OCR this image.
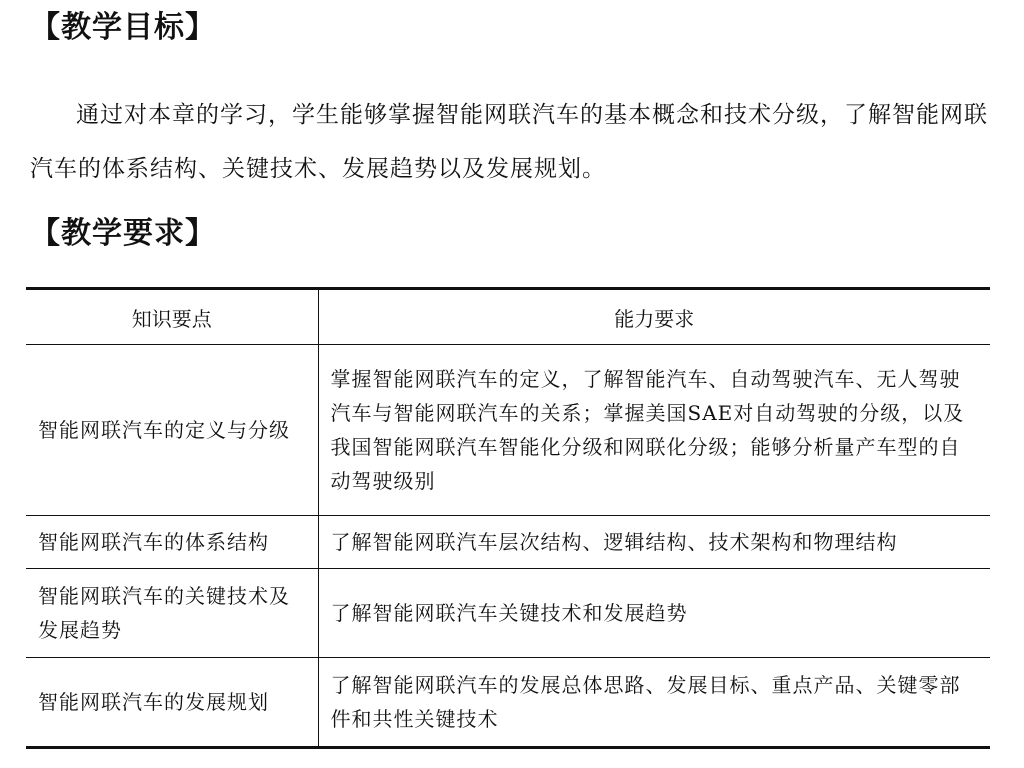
【教学目标】

通过对本章的学习，学生能够掌握智能网联汽车的基本概念和技术分级，了解智能网联汽车的体系结构、关键技术、发展趋势以及发展规划。

【教学要求】
知识要点	能力要求
智能网联汽车的定义与分级	掌握智能网联汽车的定义，了解智能汽车、自动驾驶汽车、无人驾驶汽车与智能网联汽车的关系；掌握美国SAE对自动驾驶的分级，以及我国智能网联汽车智能化分级和网联化分级；能够分析量产车型的自动驾驶级别
智能网联汽车的体系结构	了解智能网联汽车层次结构、逻辑结构、技术架构和物理结构
智能网联汽车的关键技术及发展趋势	了解智能网联汽车关键技术和发展趋势
智能网联汽车的发展规划	了解智能网联汽车的发展总体思路、发展目标、重点产品、关键零部件和共性关键技术
